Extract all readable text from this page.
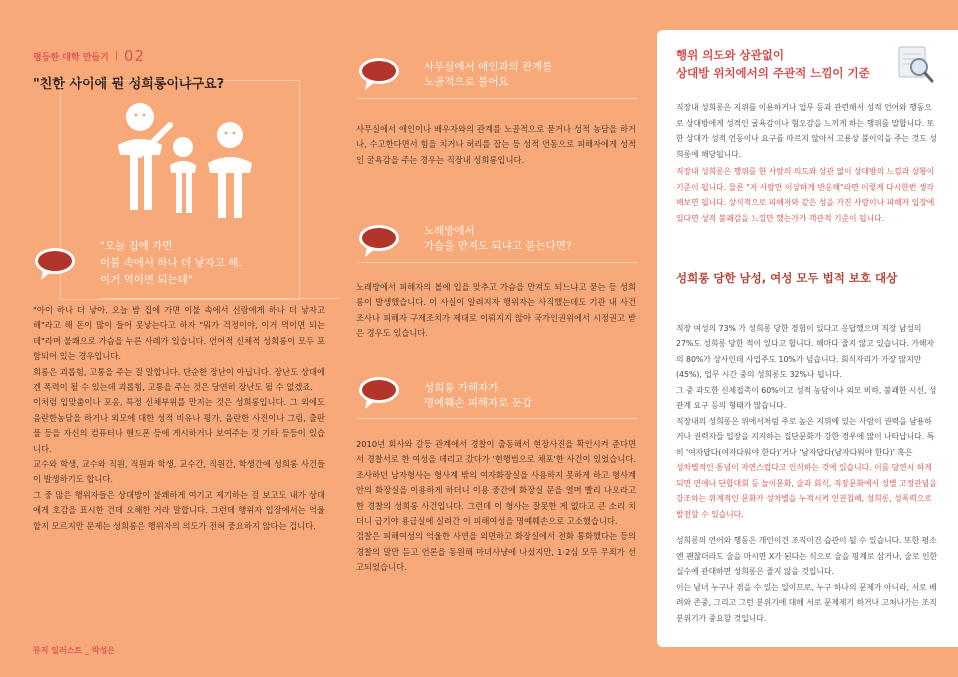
평등한 대학 만들기 | 02
"친한 사이에 뭔 성희롱이냐구요?
"오늘 집에 가면
이불 속에서 하나 더 낳자고 해.
이거 먹이면 되는데"
"아이 하나 더 낳아. 오늘 밤 집에 가면 이불 속에서 신랑에게 하나 더 낳자고 해"라고 해 돈이 많이 들어 못낳는다고 하자 "뭐가 걱정이야, 이거 먹이면 되는데"라며 불쾌으로 가슴을 누른 사례가 있습니다. 언어적 신체적 성희롱이 모두 포함되어 있는 경우입니다.
희롱은 괴롭힘, 고통을 주는 걸 말합니다. 단순한 장난이 아닙니다. 장난도 상대에겐 폭력이 될 수 있는데 괴롭힘, 고통을 주는 것은 당연히 장난도 될 수 없겠죠.
이처럼 입맞춤이나 포옹, 특정 신체부위를 만지는 것은 성희롱입니다. 그 외에도 음란한농담을 하거나 외모에 대한 성적 비유나 평가, 음란한 사진이나 그림, 출판물 등을 자신의 컴퓨터나 핸드폰 등에 게시하거나 보여주는 것 기타 등등이 있습니다.
교수와 학생, 교수와 직원, 직원과 학생, 교수간, 직원간, 학생간에 성희롱 사건들이 발생하기도 합니다.
그 중 많은 행위자들은 상대방이 불쾌하게 여기고 제기하는 걸 보고도 내가 상대에게 호감을 표시한 건데 오해한 거라 말합니다. 그런데 행위자 입장에서는 억울할지 모르지만 문제는 성희롱은 행위자의 의도가 전혀 중요하지 않다는 겁니다.
뮤지 일러스트 _ 박성은
사무실에서 애인과의 관계를
노골적으로 물어요
사무실에서 애인이나 배우자와의 관계를 노골적으로 묻거나 성적 농담을 하거나, 수고한다면서 힘을 치거나 허리를 잡는 등 성적 언동으로 피해자에게 성적인 굴욕감을 주는 경우는 직장내 성희롱입니다.
노래방에서
가슴을 만져도 되냐고 묻는다면?
노래방에서 피해자의 볼에 입을 맞추고 가슴을 만져도 되느냐고 묻는 등 성희롱이 발생했습니다. 이 사실이 알려지자 행위자는 사직했는데도 기관 내 사건 조사나 피해자 구제조치가 제대로 이뤄지지 않아 국가인권위에서 시정권고 받은 경우도 있습니다.
성희롱 가해자가
명예훼손 피해자로 둔갑
2010년 회사와 갈등 관계에서 경찰이 출동해서 현장사진을 확인시켜 준다면서 경찰서로 한 여성을 데리고 갔다가 '현행범으로 체포'한 사건이 있었습니다. 조사하던 남자형사는 형사계 밖의 여자화장실을 사용하지 못하게 하고 형사계 안의 화장실을 이용하게 하더니 이용 중간에 화장실 문을 열며 빨리 나오라고 한 경찰의 성희롱 사건입니다. 그런데 이 형사는 잘못한 게 없다고 큰 소리 치더니 급기야 용급실에 실려간 이 피해여성을 명예훼손으로 고소했습니다.
검찰은 피해여성의 억울한 사연을 외면하고 화장실에서 전화 통화했다는 등의 경찰의 말만 듣고 언론을 동원해 마녀사냥에 나섰지만, 1·2심 모두 무죄가 선고되었습니다.
행위 의도와 상관없이
상대방 위치에서의 주관적 느낌이 기준
직장내 성희롱은 지위를 이용하거나 업무 등과 관련해서 성적 언어와 행동으로 상대방에게 성적인 굴욕감이나 혐오감을 느끼게 하는 행위를 말합니다. 또한 상대가 성적 언동이나 요구를 따르지 않아서 고용상 불이익을 주는 것도 성희롱에 해당됩니다.
직장내 성희롱은 행위를 한 사람의 의도와 상관 없이 상대방의 느낌과 상황이 기준이 됩니다. 물론 "저 사람만 이상하게 반응해"라면 이렇게 다시한번 생각해보면 됩니다. 상식적으로 피해자와 같은 성을 가진 사람이나 피해자 입장에 있다면 성적 불쾌감을 느낄만 했는가가 객관적 기준이 됩니다.
성희롱 당한 남성, 여성 모두 법적 보호 대상

직장 여성의 73% 가 성희롱 당한 경험이 있다고 응답했으며 직장 남성의 27%도 성희롱 당한 적이 있다고 합니다. 해마다 줄지 않고 있습니다. 가해자의 80%가 상사인데 사업주도 10%가 넘습니다. 회식자리가 가장 많지만(45%), 업무 시간 중의 성희롱도 32%나 됩니다.
그 중 과도한 신체접촉이 60%이고 성적 농담이나 외모 비하, 불쾌한 시선, 성관계 요구 등의 형태가 많습니다.
직장내의 성희롱은 위에서처럼 주로 높은 지위에 있는 사람이 권력을 남용하거나 권력자들 입장을 지지하는 집단문화가 강한 경우에 많이 나타납니다. 특히 '여자답다(여자다워야 한다)'거나 '남자답다(남자다워야 한다)' 혹은
성차별적인 통념이 자연스럽다고 인식하는 것에 있습니다. 이를 당연시 하게 되면 연애나 단합대회 등 놀이문화, 술과 회식, 직장문화에서 성별 고정관념을 강조하는 위계적인 문화가 성차별을 누적시켜 인권침해, 성희롱, 성폭력으로 발전할 수 있습니다.

성희롱의 언어와 행동은 개인이건 조직이건 습관이 될 수 있습니다. 또한 평소엔 괜찮더라도 술을 마시면 X가 된다는 식으로 술을 핑계로 삼거나, 술로 인한 실수에 관대하면 성희롱은 줄지 않을 것입니다.
이는 남녀 누구나 겪을 수 있는 일이므로, 누구 하나의 문제가 아니라, 서로 배려와 존중, 그리고 그런 분위기에 대해 서로 문제제기 하거나 고쳐나가는 조직 분위기가 중요할 것입니다.
